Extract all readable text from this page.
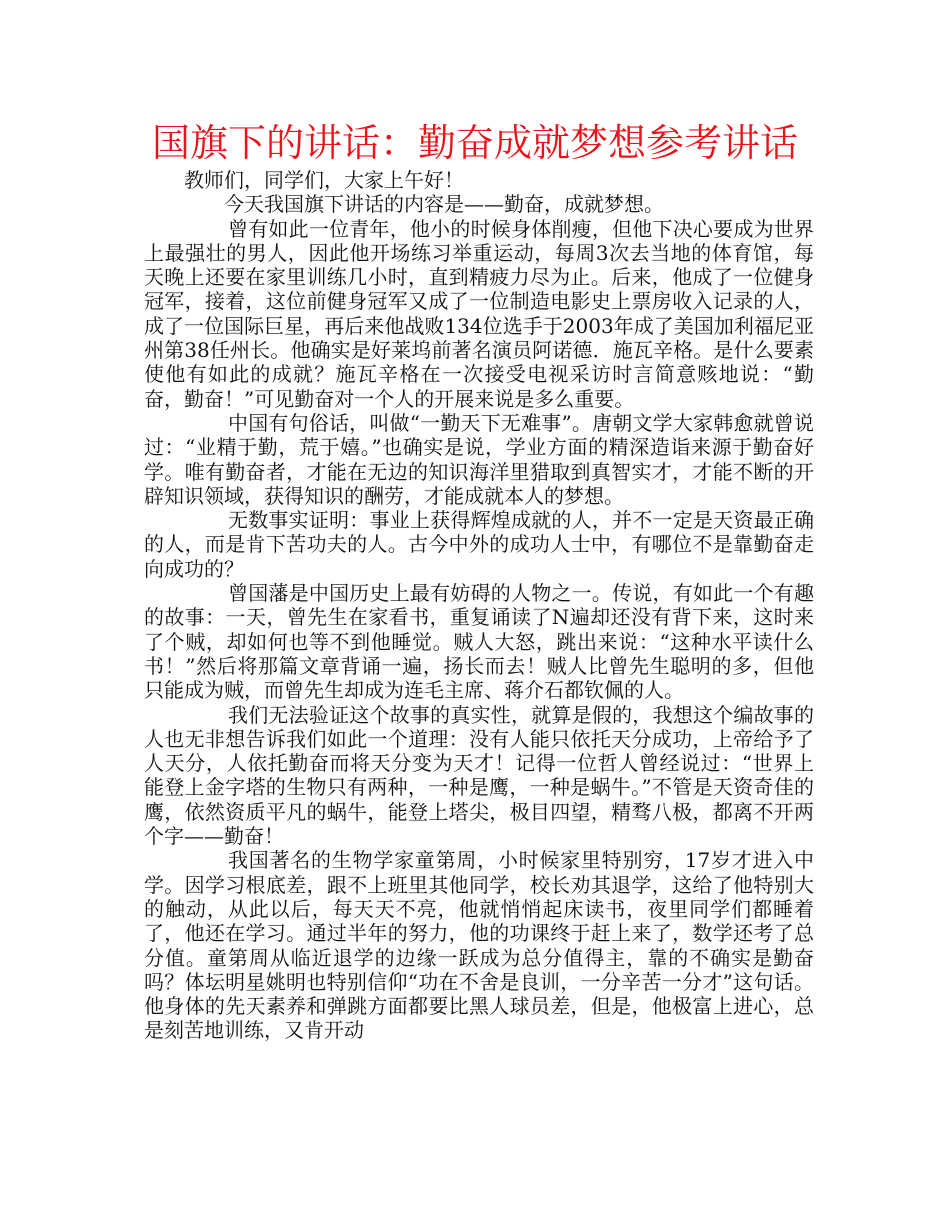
国旗下的讲话：勤奋成就梦想参考讲话

教师们，同学们，大家上午好！

今天我国旗下讲话的内容是——勤奋，成就梦想。

曾有如此一位青年，他小的时候身体削瘦，但他下决心要成为世界上最强壮的男人，因此他开场练习举重运动，每周3次去当地的体育馆，每天晚上还要在家里训练几小时，直到精疲力尽为止。后来，他成了一位健身冠军，接着，这位前健身冠军又成了一位制造电影史上票房收入记录的人，成了一位国际巨星，再后来他战败134位选手于2003年成了美国加利福尼亚州第38任州长。他确实是好莱坞前著名演员阿诺德．施瓦辛格。是什么要素使他有如此的成就？施瓦辛格在一次接受电视采访时言简意赅地说：“勤奋，勤奋！”可见勤奋对一个人的开展来说是多么重要。

中国有句俗话，叫做“一勤天下无难事”。唐朝文学大家韩愈就曾说过：“业精于勤，荒于嬉。”也确实是说，学业方面的精深造诣来源于勤奋好学。唯有勤奋者，才能在无边的知识海洋里猎取到真智实才，才能不断的开辟知识领域，获得知识的酬劳，才能成就本人的梦想。

无数事实证明：事业上获得辉煌成就的人，并不一定是天资最正确的人，而是肯下苦功夫的人。古今中外的成功人士中，有哪位不是靠勤奋走向成功的？

曾国藩是中国历史上最有妨碍的人物之一。传说，有如此一个有趣的故事：一天，曾先生在家看书，重复诵读了N遍却还没有背下来，这时来了个贼，却如何也等不到他睡觉。贼人大怒，跳出来说：“这种水平读什么书！”然后将那篇文章背诵一遍，扬长而去！贼人比曾先生聪明的多，但他只能成为贼，而曾先生却成为连毛主席、蒋介石都钦佩的人。

我们无法验证这个故事的真实性，就算是假的，我想这个编故事的人也无非想告诉我们如此一个道理：没有人能只依托天分成功，上帝给予了人天分，人依托勤奋而将天分变为天才！记得一位哲人曾经说过：“世界上能登上金字塔的生物只有两种，一种是鹰，一种是蜗牛。”不管是天资奇佳的鹰，依然资质平凡的蜗牛，能登上塔尖，极目四望，精骛八极，都离不开两个字——勤奋！

我国著名的生物学家童第周，小时候家里特别穷，17岁才进入中学。因学习根底差，跟不上班里其他同学，校长劝其退学，这给了他特别大的触动，从此以后，每天天不亮，他就悄悄起床读书，夜里同学们都睡着了，他还在学习。通过半年的努力，他的功课终于赶上来了，数学还考了总分值。童第周从临近退学的边缘一跃成为总分值得主，靠的不确实是勤奋吗？体坛明星姚明也特别信仰“功在不舍是良训，一分辛苦一分才”这句话。他身体的先天素养和弹跳方面都要比黑人球员差，但是，他极富上进心，总是刻苦地训练，又肯开动
